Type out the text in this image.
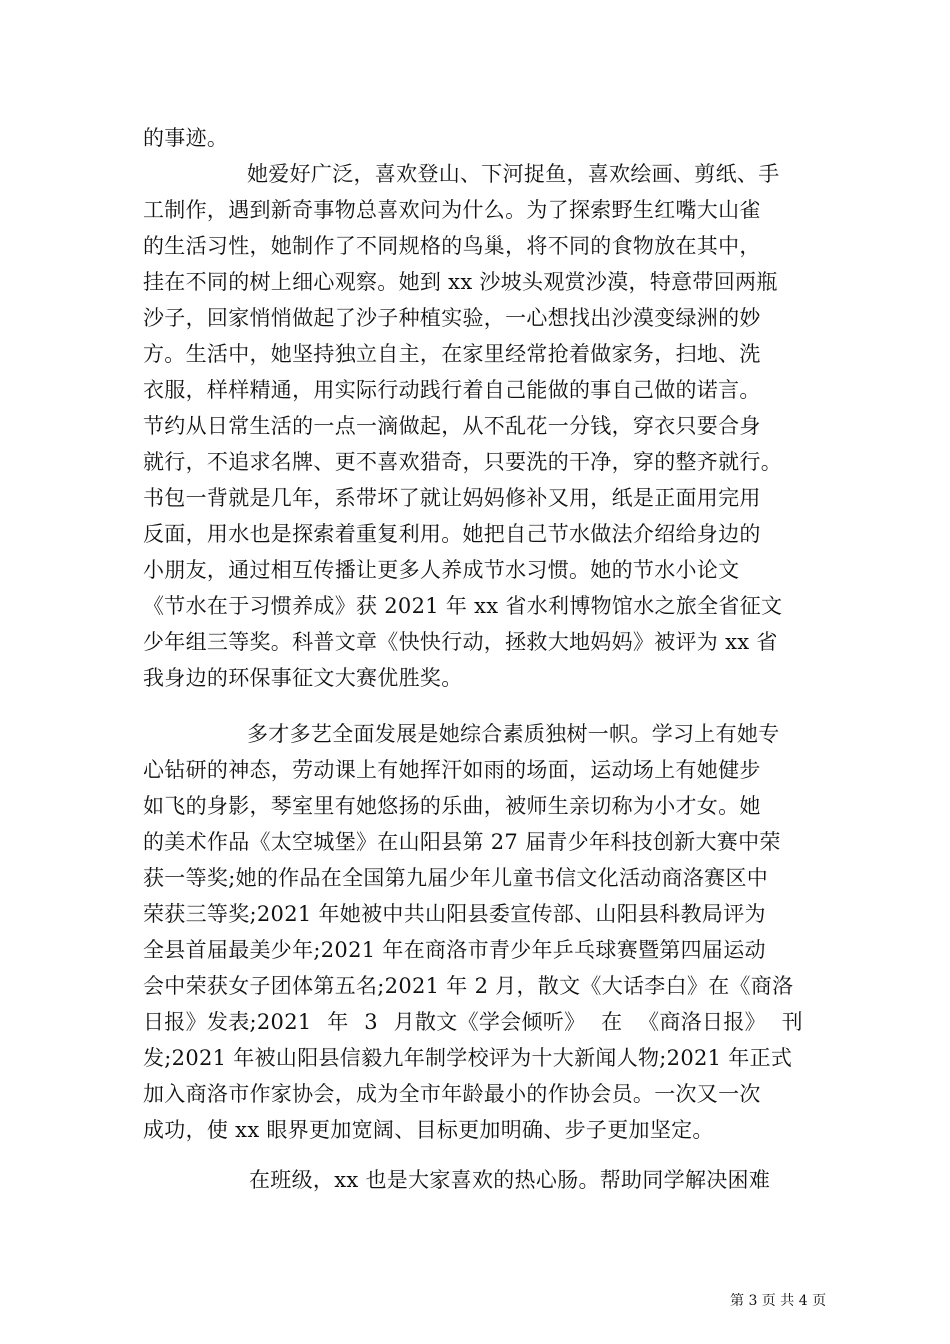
的事迹。
她爱好广泛，喜欢登山、下河捉鱼，喜欢绘画、剪纸、手
工制作，遇到新奇事物总喜欢问为什么。为了探索野生红嘴大山雀
的生活习性，她制作了不同规格的鸟巢，将不同的食物放在其中，
挂在不同的树上细心观察。她到 xx 沙坡头观赏沙漠，特意带回两瓶
沙子，回家悄悄做起了沙子种植实验，一心想找出沙漠变绿洲的妙
方。生活中，她坚持独立自主，在家里经常抢着做家务，扫地、洗
衣服，样样精通，用实际行动践行着自己能做的事自己做的诺言。
节约从日常生活的一点一滴做起，从不乱花一分钱，穿衣只要合身
就行，不追求名牌、更不喜欢猎奇，只要洗的干净，穿的整齐就行。
书包一背就是几年，系带坏了就让妈妈修补又用，纸是正面用完用
反面，用水也是探索着重复利用。她把自己节水做法介绍给身边的
小朋友，通过相互传播让更多人养成节水习惯。她的节水小论文
《节水在于习惯养成》获 2021 年 xx 省水利博物馆水之旅全省征文
少年组三等奖。科普文章《快快行动，拯救大地妈妈》被评为 xx 省
我身边的环保事征文大赛优胜奖。
多才多艺全面发展是她综合素质独树一帜。学习上有她专
心钻研的神态，劳动课上有她挥汗如雨的场面，运动场上有她健步
如飞的身影，琴室里有她悠扬的乐曲，被师生亲切称为小才女。她
的美术作品《太空城堡》在山阳县第 27 届青少年科技创新大赛中荣
获一等奖;她的作品在全国第九届少年儿童书信文化活动商洛赛区中
荣获三等奖;2021 年她被中共山阳县委宣传部、山阳县科教局评为
全县首届最美少年;2021 年在商洛市青少年乒乓球赛暨第四届运动
会中荣获女子团体第五名;2021 年 2 月，散文《大话李白》在《商洛
日报》发表;2021 年 3 月散文《学会倾听》 在 《商洛日报》 刊
发;2021 年被山阳县信毅九年制学校评为十大新闻人物;2021 年正式
加入商洛市作家协会，成为全市年龄最小的作协会员。一次又一次
成功，使 xx 眼界更加宽阔、目标更加明确、步子更加坚定。
在班级，xx 也是大家喜欢的热心肠。帮助同学解决困难
第 3 页 共 4 页
